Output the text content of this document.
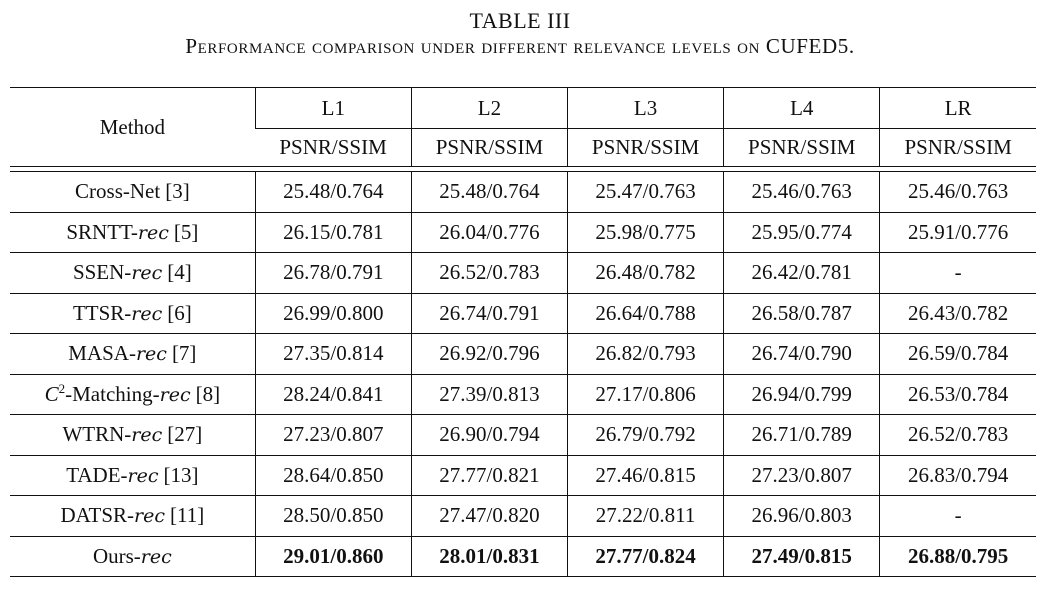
TABLE III
Performance comparison under different relevance levels on CUFED5.
Method	L1	L2	L3	L4	LR
	PSNR/SSIM	PSNR/SSIM	PSNR/SSIM	PSNR/SSIM	PSNR/SSIM

Cross-Net [3]	25.48/0.764	25.48/0.764	25.47/0.763	25.46/0.763	25.46/0.763
SRNTT-rec [5]	26.15/0.781	26.04/0.776	25.98/0.775	25.95/0.774	25.91/0.776
SSEN-rec [4]	26.78/0.791	26.52/0.783	26.48/0.782	26.42/0.781	-
TTSR-rec [6]	26.99/0.800	26.74/0.791	26.64/0.788	26.58/0.787	26.43/0.782
MASA-rec [7]	27.35/0.814	26.92/0.796	26.82/0.793	26.74/0.790	26.59/0.784
$C^2-Matching$-rec [8]	28.24/0.841	27.39/0.813	27.17/0.806	26.94/0.799	26.53/0.784
WTRN-rec [27]	27.23/0.807	26.90/0.794	26.79/0.792	26.71/0.789	26.52/0.783
TADE-rec [13]	28.64/0.850	27.77/0.821	27.46/0.815	27.23/0.807	26.83/0.794
DATSR-rec [11]	28.50/0.850	27.47/0.820	27.22/0.811	26.96/0.803	-
Ours-rec	29.01/0.860	28.01/0.831	27.77/0.824	27.49/0.815	26.88/0.795
